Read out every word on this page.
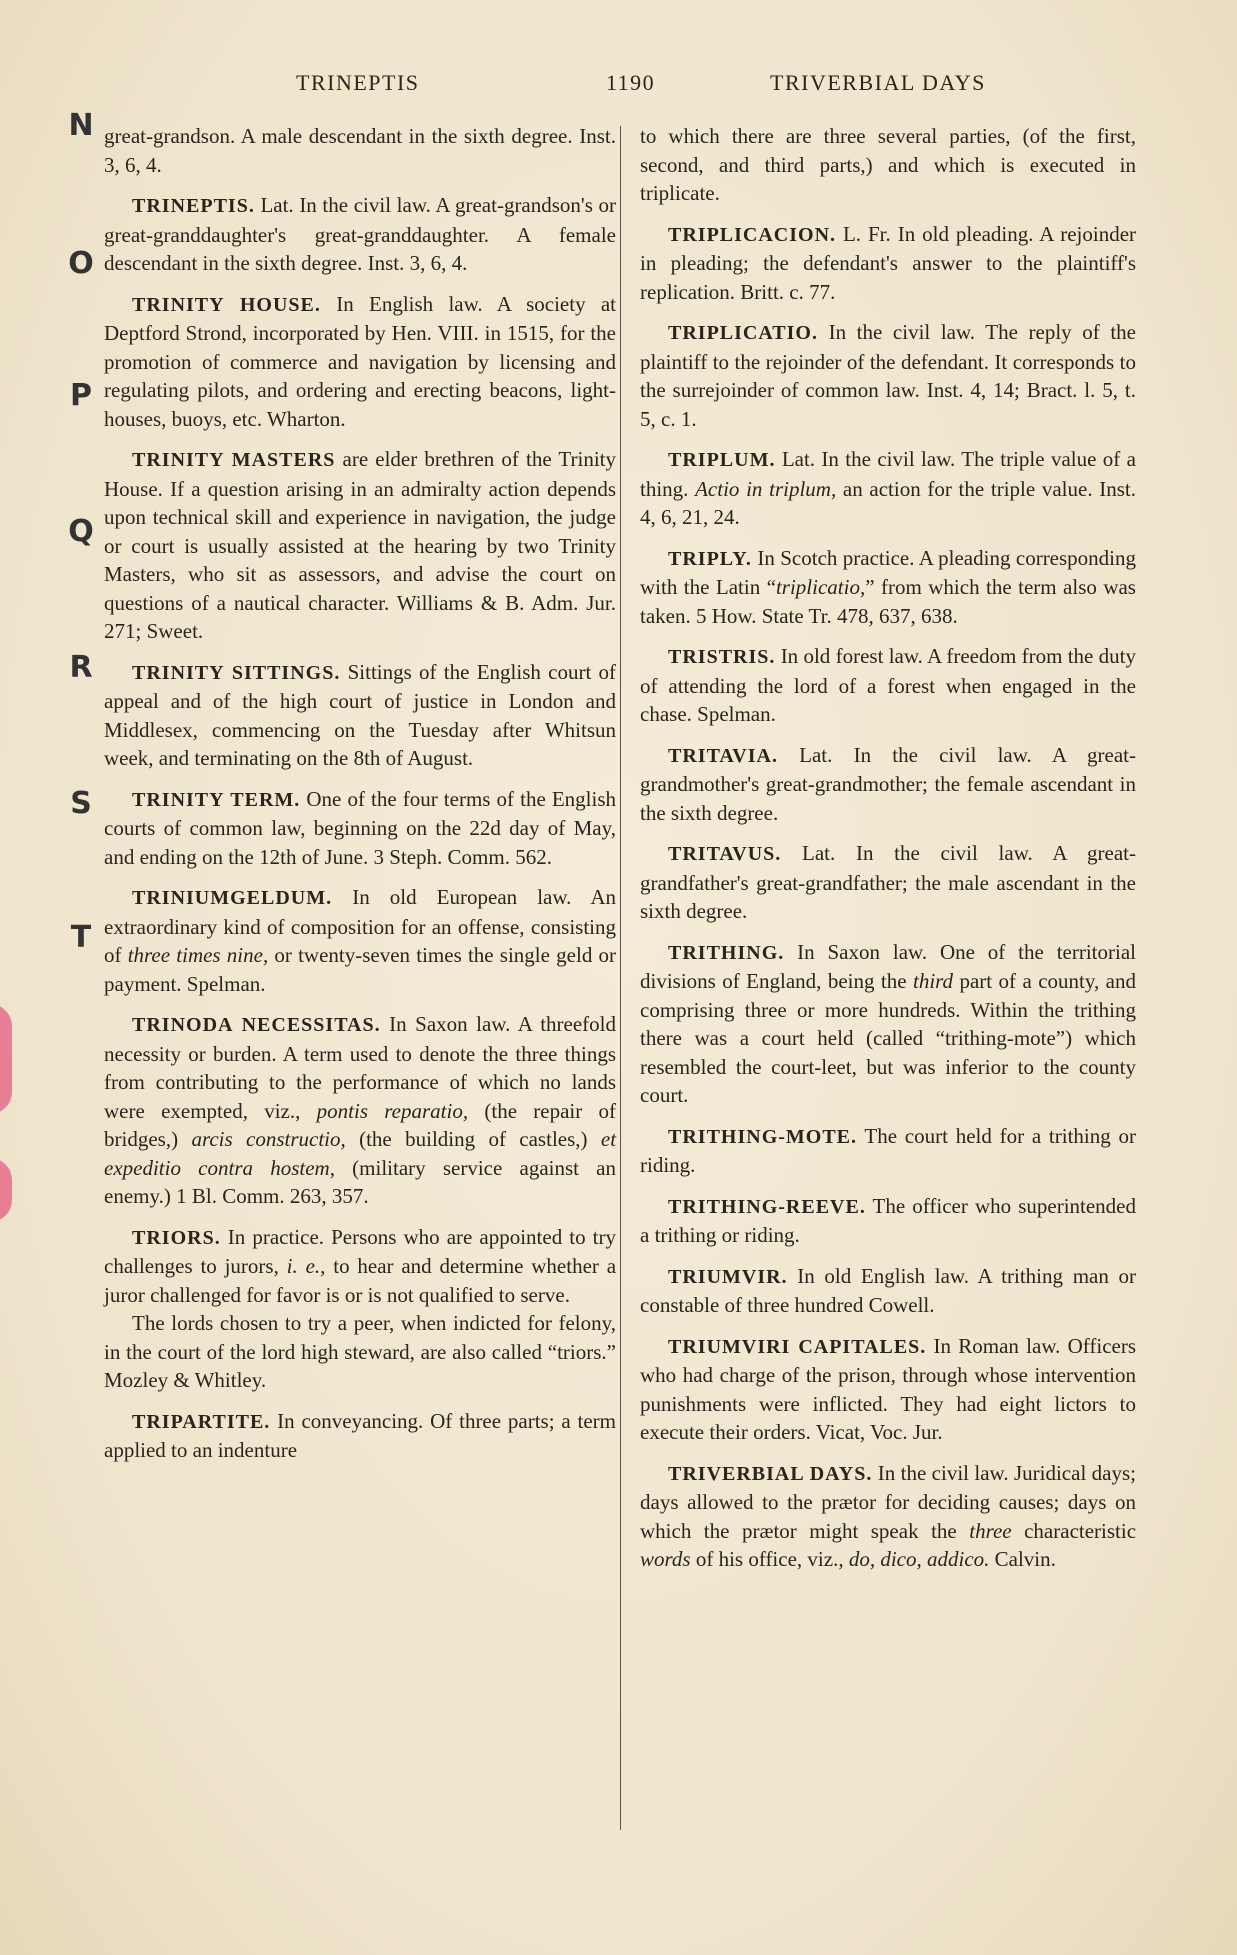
TRINEPTIS	1190	TRIVERBIAL DAYS
N
O
P
Q
R
S
T

great-grandson. A male descendant in the sixth degree. Inst. 3, 6, 4.

TRINEPTIS. Lat. In the civil law. A great-grandson's or great-granddaughter's great-granddaughter. A female descendant in the sixth degree. Inst. 3, 6, 4.

TRINITY HOUSE. In English law. A society at Deptford Strond, incorporated by Hen. VIII. in 1515, for the promotion of commerce and navigation by licensing and regulating pilots, and ordering and erecting beacons, light-houses, buoys, etc. Wharton.

TRINITY MASTERS are elder brethren of the Trinity House. If a question arising in an admiralty action depends upon technical skill and experience in navigation, the judge or court is usually assisted at the hearing by two Trinity Masters, who sit as assessors, and advise the court on questions of a nautical character. Williams & B. Adm. Jur. 271; Sweet.

TRINITY SITTINGS. Sittings of the English court of appeal and of the high court of justice in London and Middlesex, commencing on the Tuesday after Whitsun week, and terminating on the 8th of August.

TRINITY TERM. One of the four terms of the English courts of common law, beginning on the 22d day of May, and ending on the 12th of June. 3 Steph. Comm. 562.

TRINIUMGELDUM. In old European law. An extraordinary kind of composition for an offense, consisting of three times nine, or twenty-seven times the single geld or payment. Spelman.

TRINODA NECESSITAS. In Saxon law. A threefold necessity or burden. A term used to denote the three things from contributing to the performance of which no lands were exempted, viz., pontis reparatio, (the repair of bridges,) arcis constructio, (the building of castles,) et expeditio contra hostem, (military service against an enemy.) 1 Bl. Comm. 263, 357.

TRIORS. In practice. Persons who are appointed to try challenges to jurors, i. e., to hear and determine whether a juror challenged for favor is or is not qualified to serve.

The lords chosen to try a peer, when indicted for felony, in the court of the lord high steward, are also called “triors.” Mozley & Whitley.

TRIPARTITE. In conveyancing. Of three parts; a term applied to an indenture

to which there are three several parties, (of the first, second, and third parts,) and which is executed in triplicate.

TRIPLICACION. L. Fr. In old pleading. A rejoinder in pleading; the defendant's answer to the plaintiff's replication. Britt. c. 77.

TRIPLICATIO. In the civil law. The reply of the plaintiff to the rejoinder of the defendant. It corresponds to the surrejoinder of common law. Inst. 4, 14; Bract. l. 5, t. 5, c. 1.

TRIPLUM. Lat. In the civil law. The triple value of a thing. Actio in triplum, an action for the triple value. Inst. 4, 6, 21, 24.

TRIPLY. In Scotch practice. A pleading corresponding with the Latin “triplicatio,” from which the term also was taken. 5 How. State Tr. 478, 637, 638.

TRISTRIS. In old forest law. A freedom from the duty of attending the lord of a forest when engaged in the chase. Spelman.

TRITAVIA. Lat. In the civil law. A great-grandmother's great-grandmother; the female ascendant in the sixth degree.

TRITAVUS. Lat. In the civil law. A great-grandfather's great-grandfather; the male ascendant in the sixth degree.

TRITHING. In Saxon law. One of the territorial divisions of England, being the third part of a county, and comprising three or more hundreds. Within the trithing there was a court held (called “trithing-mote”) which resembled the court-leet, but was inferior to the county court.

TRITHING-MOTE. The court held for a trithing or riding.

TRITHING-REEVE. The officer who superintended a trithing or riding.

TRIUMVIR. In old English law. A trithing man or constable of three hundred Cowell.

TRIUMVIRI CAPITALES. In Roman law. Officers who had charge of the prison, through whose intervention punishments were inflicted. They had eight lictors to execute their orders. Vicat, Voc. Jur.

TRIVERBIAL DAYS. In the civil law. Juridical days; days allowed to the prætor for deciding causes; days on which the prætor might speak the three characteristic words of his office, viz., do, dico, addico. Calvin.
